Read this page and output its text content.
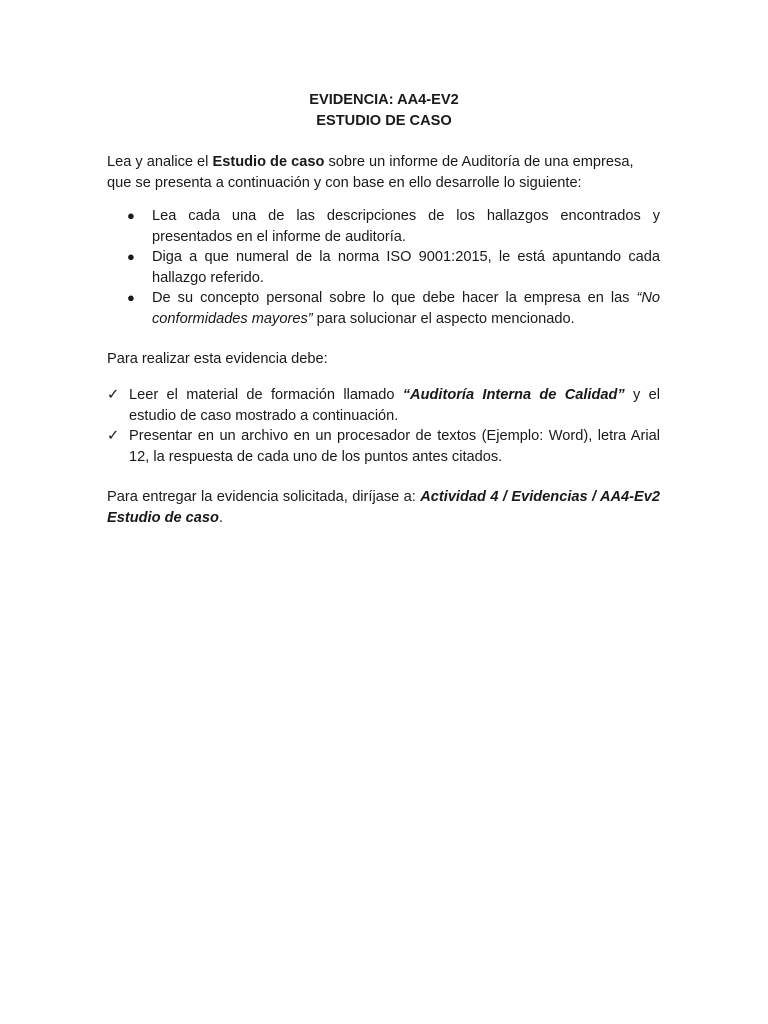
EVIDENCIA: AA4-EV2
ESTUDIO DE CASO
Lea y analice el Estudio de caso sobre un informe de Auditoría de una empresa, que se presenta a continuación y con base en ello desarrolle lo siguiente:
● Lea cada una de las descripciones de los hallazgos encontrados y presentados en el informe de auditoría.
● Diga a que numeral de la norma ISO 9001:2015, le está apuntando cada hallazgo referido.
● De su concepto personal sobre lo que debe hacer la empresa en las “No conformidades mayores” para solucionar el aspecto mencionado.
Para realizar esta evidencia debe:
✓ Leer el material de formación llamado “Auditoría Interna de Calidad” y el estudio de caso mostrado a continuación.
✓ Presentar en un archivo en un procesador de textos (Ejemplo: Word), letra Arial 12, la respuesta de cada uno de los puntos antes citados.
Para entregar la evidencia solicitada, diríjase a: Actividad 4 / Evidencias / AA4-Ev2 Estudio de caso.
